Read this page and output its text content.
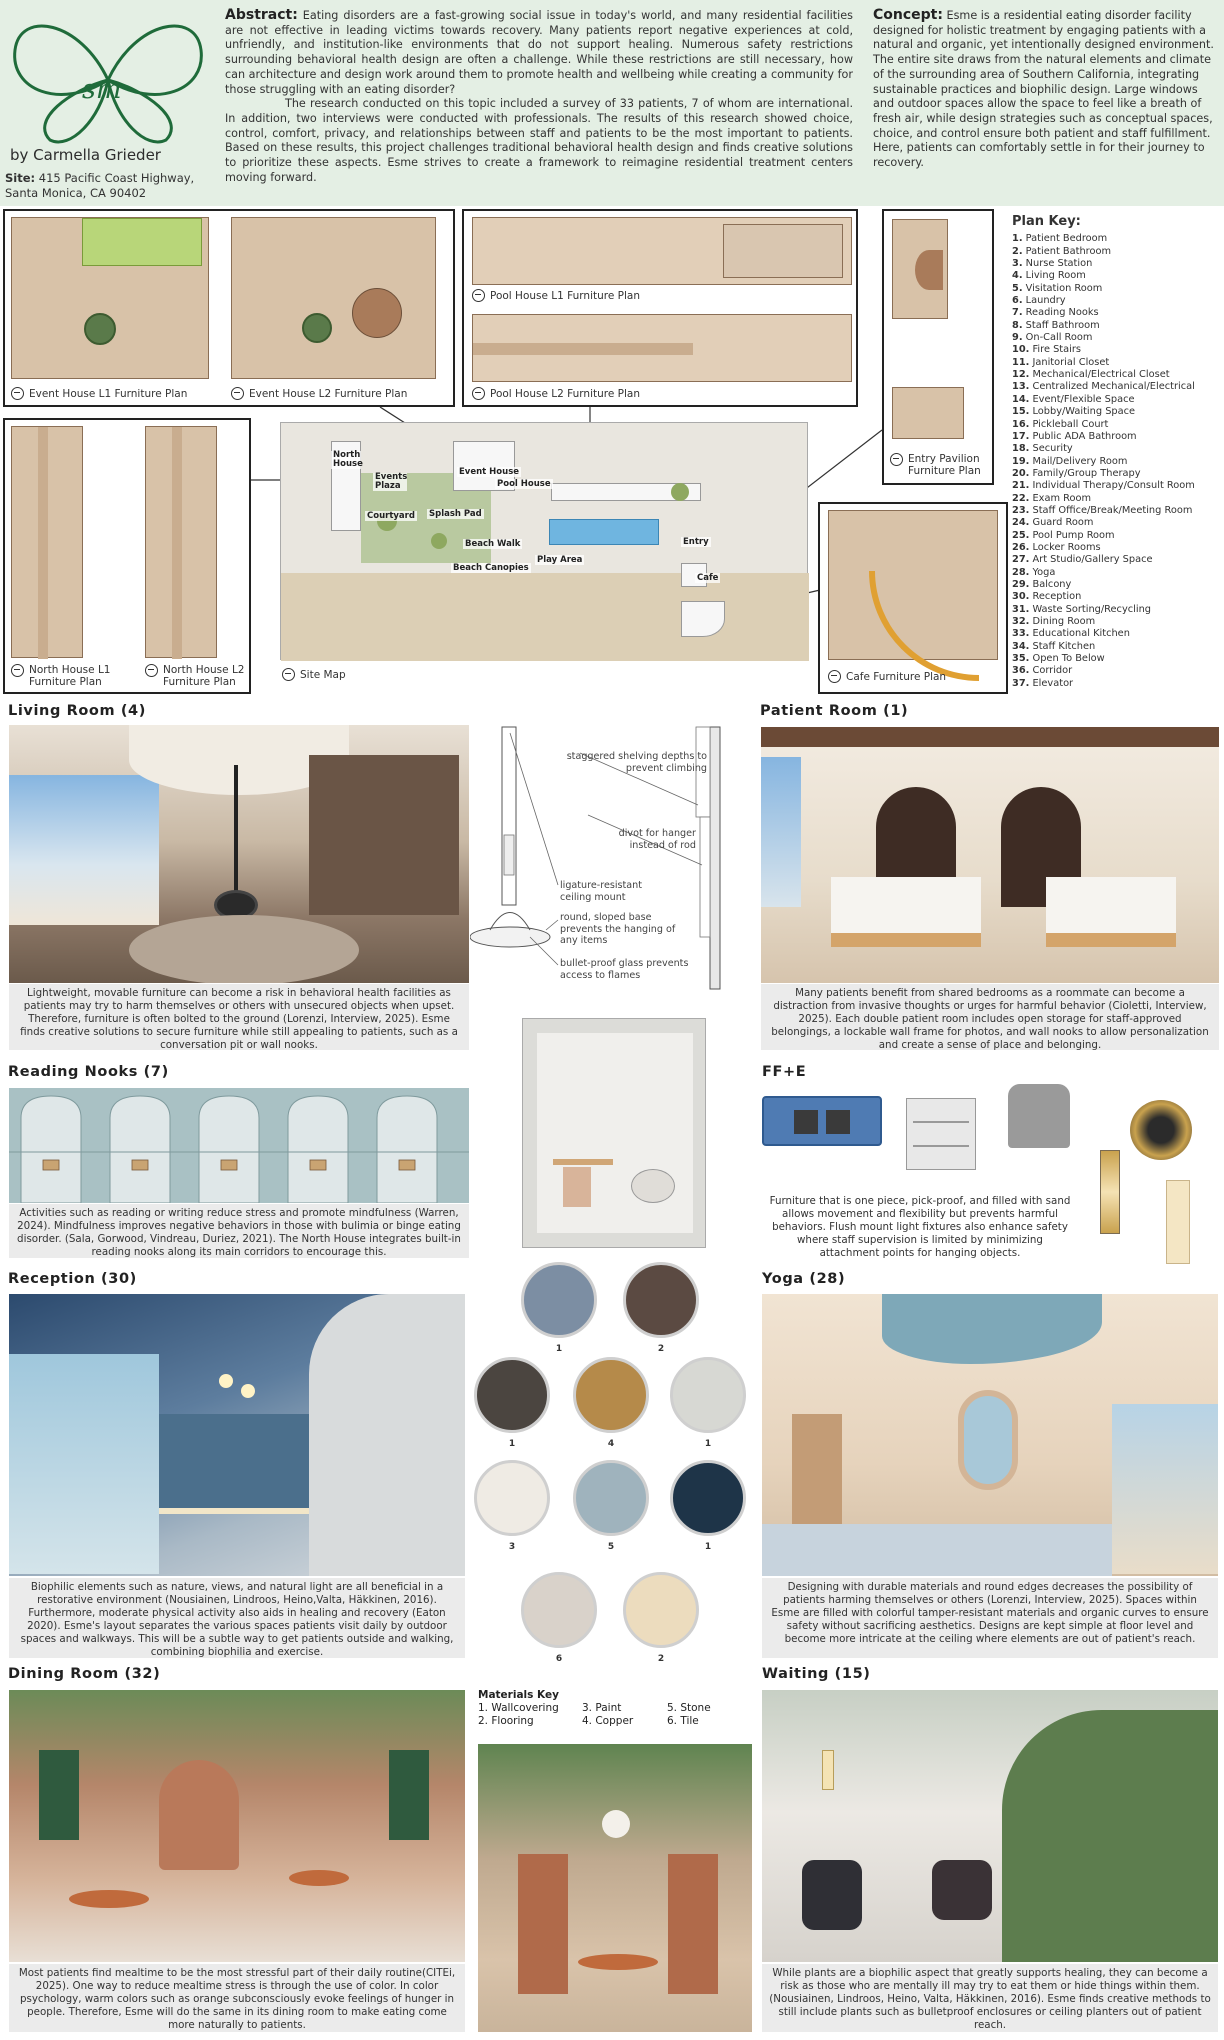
sm
by Carmella Grieder
Site: 415 Pacific Coast Highway, Santa Monica, CA 90402
Abstract: Eating disorders are a fast-growing social issue in today's world, and many residential facilities are not effective in leading victims towards recovery. Many patients report negative experiences at cold, unfriendly, and institution-like environments that do not support healing. Numerous safety restrictions surrounding behavioral health design are often a challenge. While these restrictions are still necessary, how can architecture and design work around them to promote health and wellbeing while creating a community for those struggling with an eating disorder?
The research conducted on this topic included a survey of 33 patients, 7 of whom are international. In addition, two interviews were conducted with professionals. The results of this research showed choice, control, comfort, privacy, and relationships between staff and patients to be the most important to patients. Based on these results, this project challenges traditional behavioral health design and finds creative solutions to prioritize these aspects. Esme strives to create a framework to reimagine residential treatment centers moving forward.
Concept: Esme is a residential eating disorder facility designed for holistic treatment by engaging patients with a natural and organic, yet intentionally designed environment. The entire site draws from the natural elements and climate of the surrounding area of Southern California, integrating sustainable practices and biophilic design. Large windows and outdoor spaces allow the space to feel like a breath of fresh air, while design strategies such as conceptual spaces, choice, and control ensure both patient and staff fulfillment. Here, patients can comfortably settle in for their journey to recovery.
Event House L1 Furniture Plan	Event House L2 Furniture Plan
Pool House L1 Furniture Plan
Pool House L2 Furniture Plan
Entry Pavilion
Furniture Plan
North House L1
Furniture Plan
North House L2
Furniture Plan
North House
Events Plaza
Event House
Pool House
Courtyard Splash Pad
Beach Walk	Entry
Beach Canopies
Play Area
Cafe
Site Map	Cafe Furniture Plan
Plan Key:
1. Patient Bedroom
2. Patient Bathroom
3. Nurse Station
4. Living Room
5. Visitation Room
6. Laundry
7. Reading Nooks
8. Staff Bathroom
9. On-Call Room
10. Fire Stairs
11. Janitorial Closet
12. Mechanical/Electrical Closet
13. Centralized Mechanical/Electrical
14. Event/Flexible Space
15. Lobby/Waiting Space
16. Pickleball Court
17. Public ADA Bathroom
18. Security
19. Mail/Delivery Room
20. Family/Group Therapy
21. Individual Therapy/Consult Room
22. Exam Room
23. Staff Office/Break/Meeting Room
24. Guard Room
25. Pool Pump Room
26. Locker Rooms
27. Art Studio/Gallery Space
28. Yoga
29. Balcony
30. Reception
31. Waste Sorting/Recycling
32. Dining Room
33. Educational Kitchen
34. Staff Kitchen
35. Open To Below
36. Corridor
37. Elevator
Living Room (4)
Lightweight, movable furniture can become a risk in behavioral health facilities as patients may try to harm themselves or others with unsecured objects when upset. Therefore, furniture is often bolted to the ground (Lorenzi, Interview, 2025). Esme finds creative solutions to secure furniture while still appealing to patients, such as a conversation pit or wall nooks.
staggered shelving depths to prevent climbing
divot for hanger instead of rod
ligature-resistant ceiling mount
round, sloped base prevents the hanging of any items
bullet-proof glass prevents access to flames
Patient Room (1)
Many patients benefit from shared bedrooms as a roommate can become a distraction from invasive thoughts or urges for harmful behavior (Cioletti, Interview, 2025). Each double patient room includes open storage for staff-approved belongings, a lockable wall frame for photos, and wall nooks to allow personalization and create a sense of place and belonging.
Reading Nooks (7)
Activities such as reading or writing reduce stress and promote mindfulness (Warren, 2024). Mindfulness improves negative behaviors in those with bulimia or binge eating disorder. (Sala, Gorwood, Vindreau, Duriez, 2021). The North House integrates built-in reading nooks along its main corridors to encourage this.
FF+E
Furniture that is one piece, pick-proof, and filled with sand allows movement and flexibility but prevents harmful behaviors. Flush mount light fixtures also enhance safety where staff supervision is limited by minimizing attachment points for hanging objects.
Reception (30)
Biophilic elements such as nature, views, and natural light are all beneficial in a restorative environment (Nousiainen, Lindroos, Heino,Valta, Häkkinen, 2016). Furthermore, moderate physical activity also aids in healing and recovery (Eaton 2020). Esme's layout separates the various spaces patients visit daily by outdoor spaces and walkways. This will be a subtle way to get patients outside and walking, combining biophilia and exercise.
1	2
1	4	1
3	5	1
6	2
Materials Key
1. Wallcovering	3. Paint	5. Stone
2. Flooring	4. Copper	6. Tile
Yoga (28)
Designing with durable materials and round edges decreases the possibility of patients harming themselves or others (Lorenzi, Interview, 2025). Spaces within Esme are filled with colorful tamper-resistant materials and organic curves to ensure safety without sacrificing aesthetics. Designs are kept simple at floor level and become more intricate at the ceiling where elements are out of patient's reach.
Dining Room (32)
Most patients find mealtime to be the most stressful part of their daily routine(CITEi, 2025). One way to reduce mealtime stress is through the use of color. In color psychology, warm colors such as orange subconsciously evoke feelings of hunger in people. Therefore, Esme will do the same in its dining room to make eating come more naturally to patients.
Waiting (15)
While plants are a biophilic aspect that greatly supports healing, they can become a risk as those who are mentally ill may try to eat them or hide things within them. (Nousiainen, Lindroos, Heino, Valta, Häkkinen, 2016). Esme finds creative methods to still include plants such as bulletproof enclosures or ceiling planters out of patient reach.
